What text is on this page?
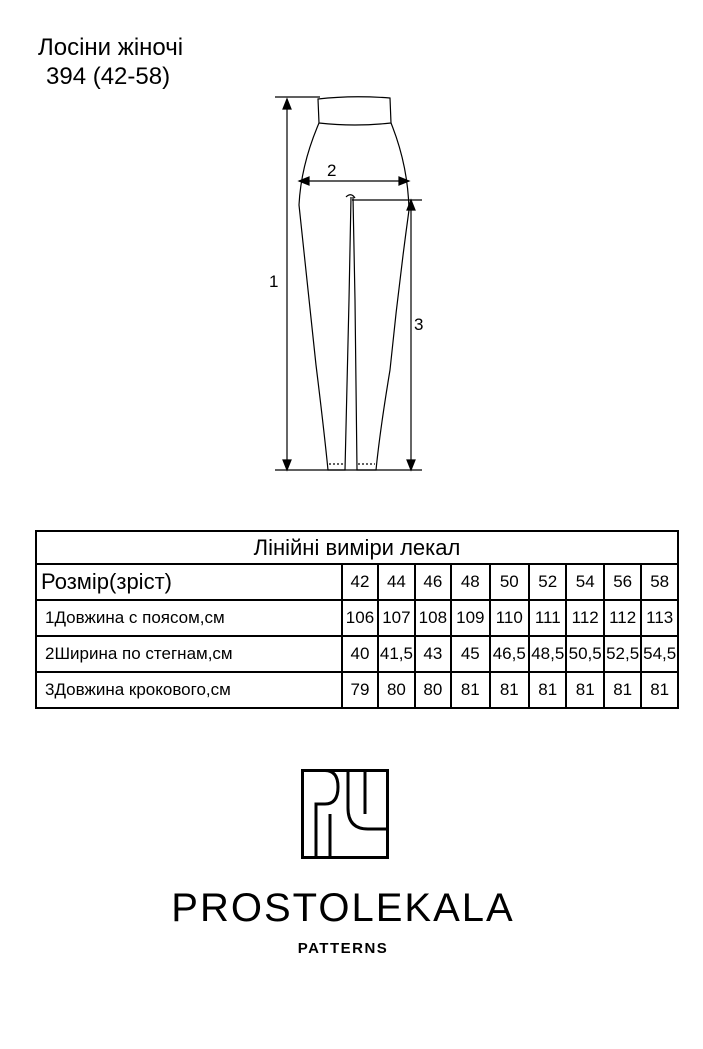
Лосіни жіночі
394 (42-58)
1
2
3
Лінійні виміри лекал									
Розмір(зріст)	42	44	46	48	50	52	54	56	58
1Довжина с поясом,см	106	107	108	109	110	111	112	112	113
2Ширина по стегнам,см	40	41,5	43	45	46,5	48,5	50,5	52,5	54,5
3Довжина крокового,см	79	80	80	81	81	81	81	81	81
PROSTOLEKALA
PATTERNS
